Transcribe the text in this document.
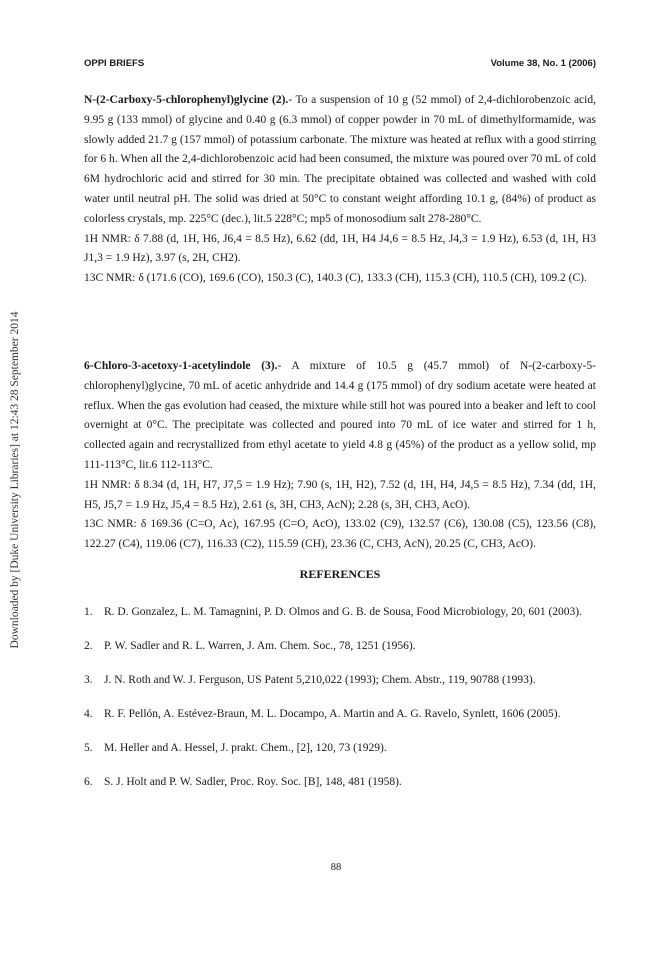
OPPI BRIEFS	Volume 38, No. 1 (2006)
Downloaded by [Duke University Libraries] at 12:43 28 September 2014

N-(2-Carboxy-5-chlorophenyl)glycine (2).- To a suspension of 10 g (52 mmol) of 2,4-dichlorobenzoic acid, 9.95 g (133 mmol) of glycine and 0.40 g (6.3 mmol) of copper powder in 70 mL of dimethylformamide, was slowly added 21.7 g (157 mmol) of potassium carbonate. The mixture was heated at reflux with a good stirring for 6 h. When all the 2,4-dichlorobenzoic acid had been consumed, the mixture was poured over 70 mL of cold 6M hydrochloric acid and stirred for 30 min. The precipitate obtained was collected and washed with cold water until neutral pH. The solid was dried at 50°C to constant weight affording 10.1 g, (84%) of product as colorless crystals, mp. 225°C (dec.), lit.5 228°C; mp5 of monosodium salt 278-280°C.

1H NMR: δ 7.88 (d, 1H, H6, J6,4 = 8.5 Hz), 6.62 (dd, 1H, H4 J4,6 = 8.5 Hz, J4,3 = 1.9 Hz), 6.53 (d, 1H, H3 J1,3 = 1.9 Hz), 3.97 (s, 2H, CH2).

13C NMR: δ (171.6 (CO), 169.6 (CO), 150.3 (C), 140.3 (C), 133.3 (CH), 115.3 (CH), 110.5 (CH), 109.2 (C).

6-Chloro-3-acetoxy-1-acetylindole (3).- A mixture of 10.5 g (45.7 mmol) of N-(2-carboxy-5-chlorophenyl)glycine, 70 mL of acetic anhydride and 14.4 g (175 mmol) of dry sodium acetate were heated at reflux. When the gas evolution had ceased, the mixture while still hot was poured into a beaker and left to cool overnight at 0°C. The precipitate was collected and poured into 70 mL of ice water and stirred for 1 h, collected again and recrystallized from ethyl acetate to yield 4.8 g (45%) of the product as a yellow solid, mp 111-113°C, lit.6 112-113°C.

1H NMR: δ 8.34 (d, 1H, H7, J7,5 = 1.9 Hz); 7.90 (s, 1H, H2), 7.52 (d, 1H, H4, J4,5 = 8.5 Hz), 7.34 (dd, 1H, H5, J5,7 = 1.9 Hz, J5,4 = 8.5 Hz), 2.61 (s, 3H, CH3, AcN); 2.28 (s, 3H, CH3, AcO).

13C NMR: δ 169.36 (C=O, Ac), 167.95 (C=O, AcO), 133.02 (C9), 132.57 (C6), 130.08 (C5), 123.56 (C8), 122.27 (C4), 119.06 (C7), 116.33 (C2), 115.59 (CH), 23.36 (C, CH3, AcN), 20.25 (C, CH3, AcO).

REFERENCES
1. R. D. Gonzalez, L. M. Tamagnini, P. D. Olmos and G. B. de Sousa, Food Microbiology, 20, 601 (2003).
2. P. W. Sadler and R. L. Warren, J. Am. Chem. Soc., 78, 1251 (1956).
3. J. N. Roth and W. J. Ferguson, US Patent 5,210,022 (1993); Chem. Abstr., 119, 90788 (1993).
4. R. F. Pellón, A. Estévez-Braun, M. L. Docampo, A. Martin and A. G. Ravelo, Synlett, 1606 (2005).
5. M. Heller and A. Hessel, J. prakt. Chem., [2], 120, 73 (1929).
6. S. J. Holt and P. W. Sadler, Proc. Roy. Soc. [B], 148, 481 (1958).
88
